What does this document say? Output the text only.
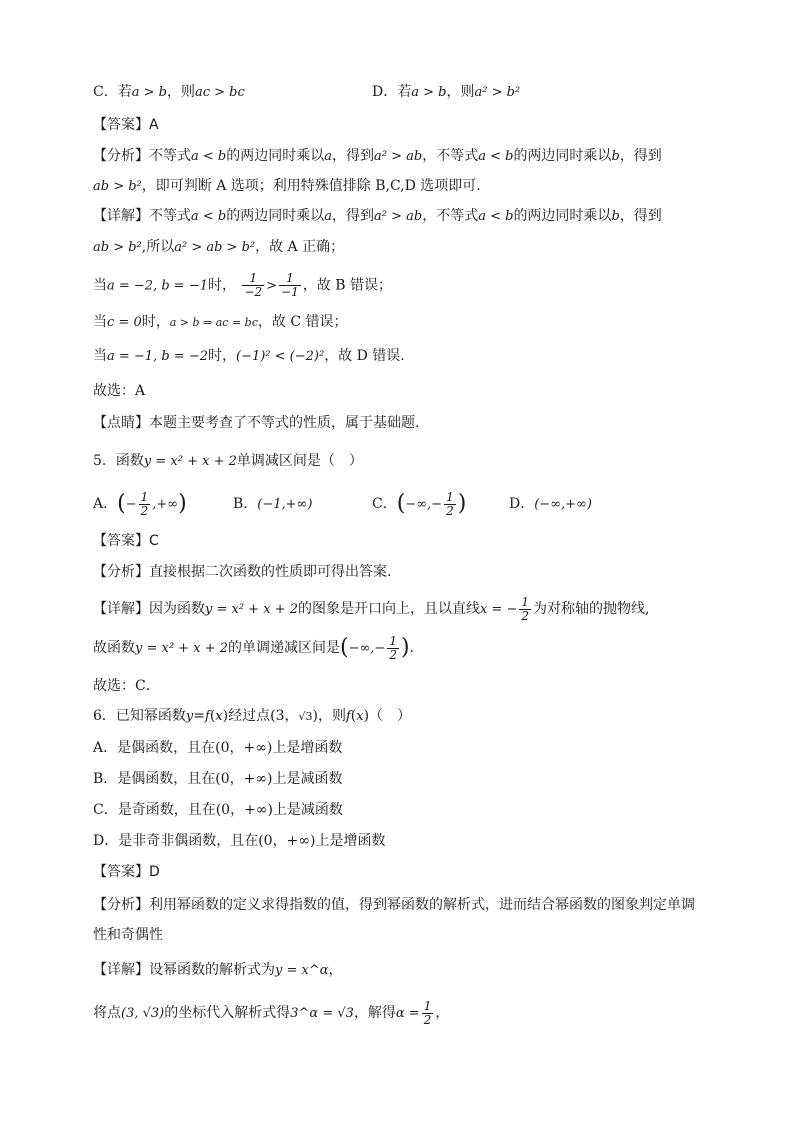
C．若a > b，则ac > bc	D．若a > b，则a² > b²
【答案】A
【分析】不等式a < b的两边同时乘以a，得到a² > ab，不等式a < b的两边同时乘以b，得到
ab > b²，即可判断 A 选项；利用特殊值排除 B,C,D 选项即可.
【详解】不等式a < b的两边同时乘以a，得到a² > ab，不等式a < b的两边同时乘以b，得到
ab > b²,所以a² > ab > b²，故 A 正确；
当a = −2, b = −1时， $\frac{1}{-2} > \frac{1}{-1}$ ，故 B 错误；
当c = 0时，a > b ⇒ ac = bc，故 C 错误；
当a = −1, b = −2时，(−1)² < (−2)²，故 D 错误.
故选：A
【点睛】本题主要考查了不等式的性质，属于基础题.
5．函数y = x² + x + 2单调减区间是（　）
A．(− $\frac{1}{2}$ ,+∞)	B．(−1,+∞)	C．(−∞,− $\frac{1}{2}$ )	D．(−∞,+∞)
【答案】C
【分析】直接根据二次函数的性质即可得出答案.
【详解】因为函数y = x² + x + 2的图象是开口向上，且以直线x = − $\frac{1}{2}$ 为对称轴的抛物线,
故函数y = x² + x + 2的单调递减区间是(−∞,− $\frac{1}{2}$ ).
故选：C．
6．已知幂函数y=f(x)经过点(3，√3)，则f(x)（　）
A．是偶函数，且在(0，+∞)上是增函数
B．是偶函数，且在(0，+∞)上是减函数
C．是奇函数，且在(0，+∞)上是减函数
D．是非奇非偶函数，且在(0，+∞)上是增函数
【答案】D
【分析】利用幂函数的定义求得指数的值，得到幂函数的解析式，进而结合幂函数的图象判定单调
性和奇偶性
【详解】设幂函数的解析式为y = x^α，
将点(3, √3)的坐标代入解析式得3^α = √3，解得$\alpha = \frac{1}{2}$ ，
